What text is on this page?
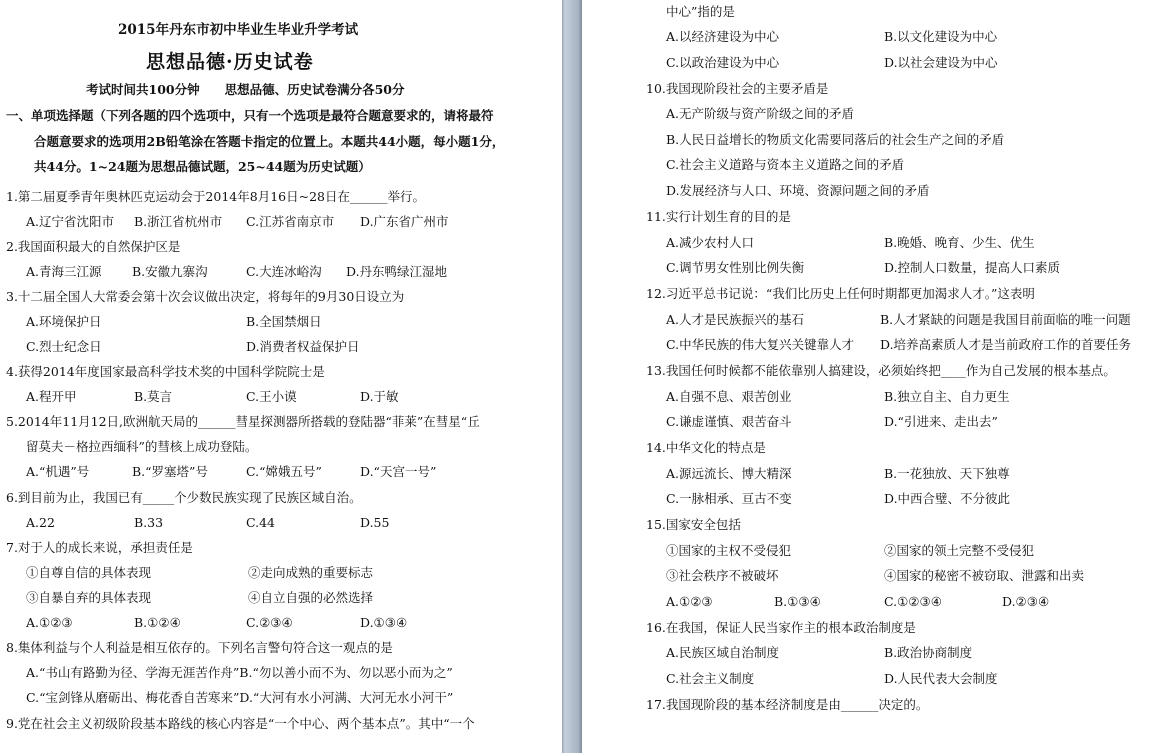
2015年丹东市初中毕业生毕业升学考试
思想品德·历史试卷
考试时间共100分钟　　思想品德、历史试卷满分各50分
一、单项选择题（下列各题的四个选项中，只有一个选项是最符合题意要求的，请将最符
合题意要求的选项用2B铅笔涂在答题卡指定的位置上。本题共44小题，每小题1分，
共44分。1~24题为思想品德试题，25~44题为历史试题）
1.第二届夏季青年奥林匹克运动会于2014年8月16日~28日在______举行。
A.辽宁省沈阳市 B.浙江省杭州市 C.江苏省南京市 D.广东省广州市
2.我国面积最大的自然保护区是
A.青海三江源 B.安徽九寨沟	C.大连冰峪沟 D.丹东鸭绿江湿地
3.十二届全国人大常委会第十次会议做出决定，将每年的9月30日设立为
A.环境保护日	B.全国禁烟日
C.烈士纪念日	D.消费者权益保护日
4.获得2014年度国家最高科学技术奖的中国科学院院士是
A.程开甲	B.莫言	C.王小谟	D.于敏
5.2014年11月12日,欧洲航天局的______彗星探测器所搭载的登陆器“菲莱”在彗星“丘
留莫夫－格拉西缅科”的彗核上成功登陆。
A.“机遇”号	B.“罗塞塔”号	C.“嫦娥五号”	D.“天宫一号”
6.到目前为止，我国已有_____个少数民族实现了民族区域自治。
A.22	B.33	C.44	D.55
7.对于人的成长来说，承担责任是
①自尊自信的具体表现	②走向成熟的重要标志
③自暴自弃的具体表现	④自立自强的必然选择
A.①②③	B.①②④	C.②③④	D.①③④
8.集体利益与个人利益是相互依存的。下列名言警句符合这一观点的是
A.“书山有路勤为径、学海无涯苦作舟”B.“勿以善小而不为、勿以恶小而为之”
C.“宝剑锋从磨砺出、梅花香自苦寒来”D.“大河有水小河满、大河无水小河干”
9.党在社会主义初级阶段基本路线的核心内容是“一个中心、两个基本点”。其中“一个
中心”指的是
A.以经济建设为中心	B.以文化建设为中心
C.以政治建设为中心	D.以社会建设为中心
10.我国现阶段社会的主要矛盾是
A.无产阶级与资产阶级之间的矛盾
B.人民日益增长的物质文化需要同落后的社会生产之间的矛盾
C.社会主义道路与资本主义道路之间的矛盾
D.发展经济与人口、环境、资源问题之间的矛盾
11.实行计划生育的目的是
A.减少农村人口	B.晚婚、晚育、少生、优生
C.调节男女性别比例失衡	D.控制人口数量，提高人口素质
12.习近平总书记说：“我们比历史上任何时期都更加渴求人才。”这表明
A.人才是民族振兴的基石	B.人才紧缺的问题是我国目前面临的唯一问题
C.中华民族的伟大复兴关键靠人才 D.培养高素质人才是当前政府工作的首要任务
13.我国任何时候都不能依靠别人搞建设，必须始终把____作为自己发展的根本基点。
A.自强不息、艰苦创业	B.独立自主、自力更生
C.谦虚谨慎、艰苦奋斗	D.“引进来、走出去”
14.中华文化的特点是
A.源远流长、博大精深	B.一花独放、天下独尊
C.一脉相承、亘古不变	D.中西合璧、不分彼此
15.国家安全包括
①国家的主权不受侵犯	②国家的领土完整不受侵犯
③社会秩序不被破坏	④国家的秘密不被窃取、泄露和出卖
A.①②③	B.①③④	C.①②③④	D.②③④
16.在我国，保证人民当家作主的根本政治制度是
A.民族区域自治制度	B.政治协商制度
C.社会主义制度	D.人民代表大会制度
17.我国现阶段的基本经济制度是由______决定的。
